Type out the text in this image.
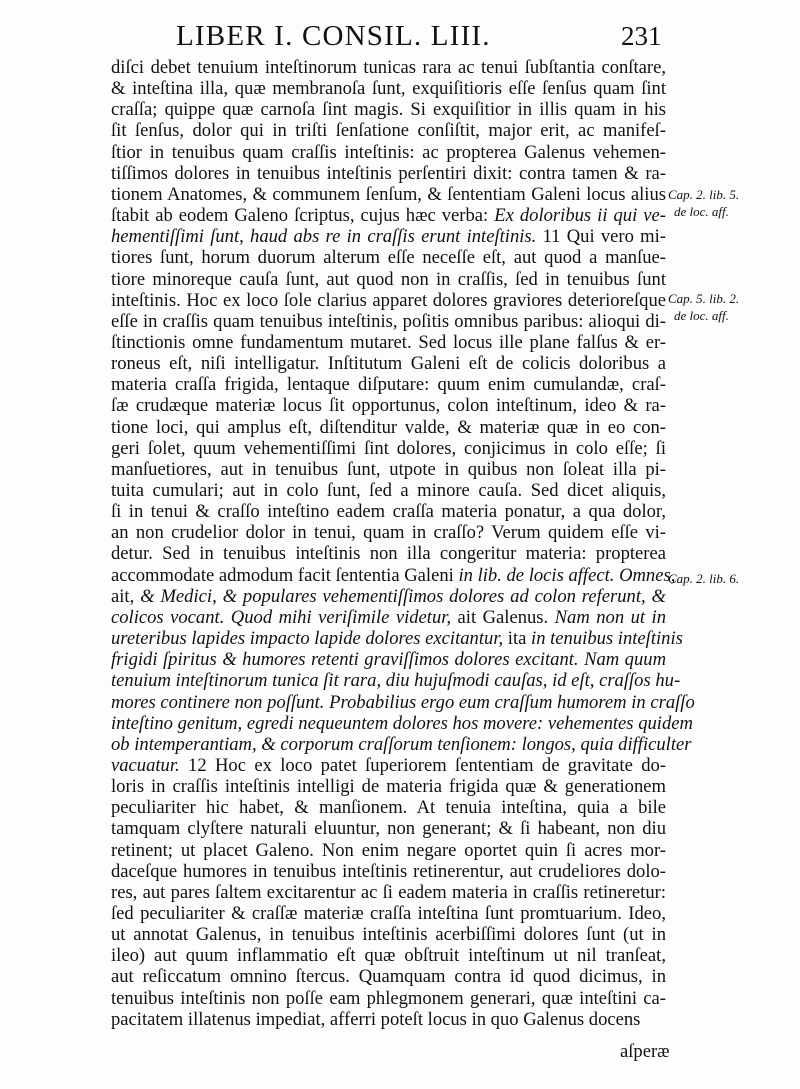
LIBER I. CONSIL. LIII.	231
diſci debet tenuium inteſtinorum tunicas rara ac tenui ſubſtantia conſtare,
& inteſtina illa, quæ membranoſa ſunt, exquiſitioris eſſe ſenſus quam ſint
craſſa; quippe quæ carnoſa ſint magis. Si exquiſitior in illis quam in his
ſit ſenſus, dolor qui in triſti ſenſatione conſiſtit, major erit, ac manifeſ-
ſtior in tenuibus quam craſſis inteſtinis: ac propterea Galenus vehemen-
tiſſimos dolores in tenuibus inteſtinis perſentiri dixit: contra tamen & ra-
tionem Anatomes, & communem ſenſum, & ſententiam Galeni locus alius
ſtabit ab eodem Galeno ſcriptus, cujus hæc verba: Ex doloribus ii qui ve-
hementiſſimi ſunt, haud abs re in craſſis erunt inteſtinis. 11 Qui vero mi-
tiores ſunt, horum duorum alterum eſſe neceſſe eſt, aut quod a manſue-
tiore minoreque cauſa ſunt, aut quod non in craſſis, ſed in tenuibus ſunt
inteſtinis. Hoc ex loco ſole clarius apparet dolores graviores deterioreſque
eſſe in craſſis quam tenuibus inteſtinis, poſitis omnibus paribus: alioqui di-
ſtinctionis omne fundamentum mutaret. Sed locus ille plane falſus & er-
roneus eſt, niſi intelligatur. Inſtitutum Galeni eſt de colicis doloribus a
materia craſſa frigida, lentaque diſputare: quum enim cumulandæ, craſ-
ſæ crudæque materiæ locus ſit opportunus, colon inteſtinum, ideo & ra-
tione loci, qui amplus eſt, diſtenditur valde, & materiæ quæ in eo con-
geri ſolet, quum vehementiſſimi ſint dolores, conjicimus in colo eſſe; ſi
manſuetiores, aut in tenuibus ſunt, utpote in quibus non ſoleat illa pi-
tuita cumulari; aut in colo ſunt, ſed a minore cauſa. Sed dicet aliquis,
ſi in tenui & craſſo inteſtino eadem craſſa materia ponatur, a qua dolor,
an non crudelior dolor in tenui, quam in craſſo? Verum quidem eſſe vi-
detur. Sed in tenuibus inteſtinis non illa congeritur materia: propterea
accommodate admodum facit ſententia Galeni in lib. de locis affect. Omnes,
ait, & Medici, & populares vehementiſſimos dolores ad colon referunt, &
colicos vocant. Quod mihi veriſimile videtur, ait Galenus. Nam non ut in
ureteribus lapides impacto lapide dolores excitantur, ita in tenuibus inteſtinis
frigidi ſpiritus & humores retenti graviſſimos dolores excitant. Nam quum
tenuium inteſtinorum tunica ſit rara, diu hujuſmodi cauſas, id eſt, craſſos hu-
mores continere non poſſunt. Probabilius ergo eum craſſum humorem in craſſo
inteſtino genitum, egredi nequeuntem dolores hos movere: vehementes quidem
ob intemperantiam, & corporum craſſorum tenſionem: longos, quia difficulter
vacuatur. 12 Hoc ex loco patet ſuperiorem ſententiam de gravitate do-
loris in craſſis inteſtinis intelligi de materia frigida quæ & generationem
peculiariter hic habet, & manſionem. At tenuia inteſtina, quia a bile
tamquam clyſtere naturali eluuntur, non generant; & ſi habeant, non diu
retinent; ut placet Galeno. Non enim negare oportet quin ſi acres mor-
daceſque humores in tenuibus inteſtinis retinerentur, aut crudeliores dolo-
res, aut pares ſaltem excitarentur ac ſi eadem materia in craſſis retineretur:
ſed peculiariter & craſſæ materiæ craſſa inteſtina ſunt promtuarium. Ideo,
ut annotat Galenus, in tenuibus inteſtinis acerbiſſimi dolores ſunt (ut in
ileo) aut quum inflammatio eſt quæ obſtruit inteſtinum ut nil tranſeat,
aut reſiccatum omnino ſtercus. Quamquam contra id quod dicimus, in
tenuibus inteſtinis non poſſe eam phlegmonem generari, quæ inteſtini ca-
pacitatem illatenus impediat, afferri poteſt locus in quo Galenus docens
Cap. 2. lib. 5.
de loc. aff.
Cap. 5. lib. 2.
de loc. aff.
Cap. 2. lib. 6.
aſperæ
